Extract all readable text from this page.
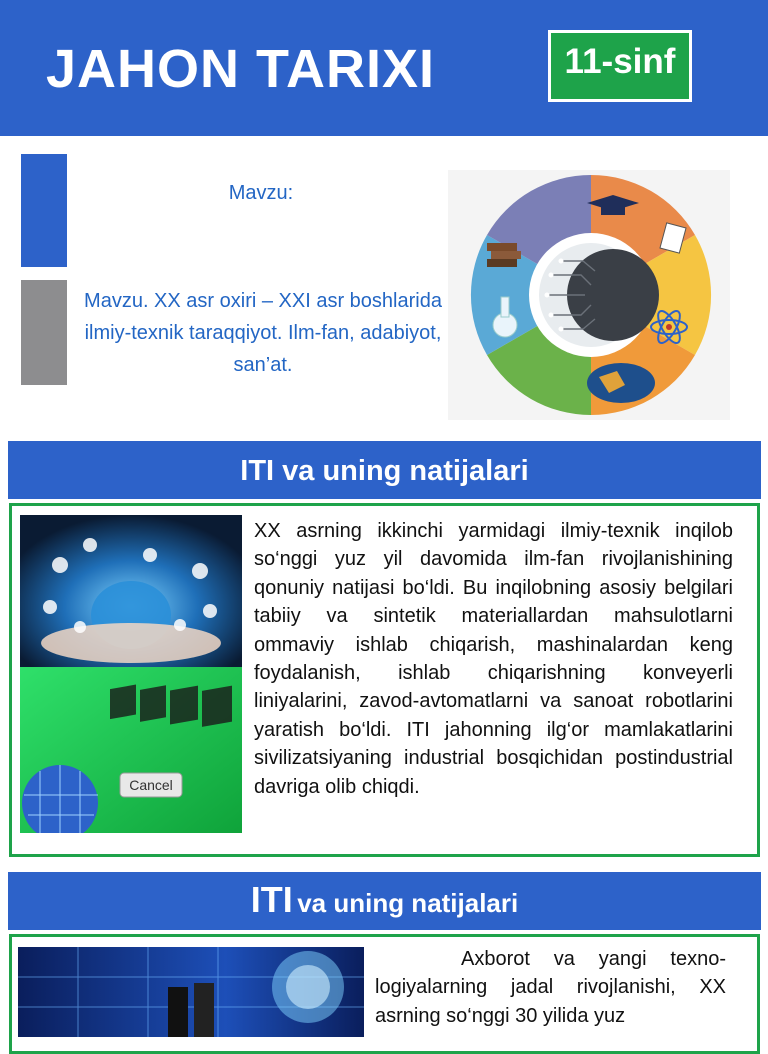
JAHON TARIXI	11-sinf
Mavzu:
Mavzu. XX asr oxiri – XXI asr boshlarida ilmiy-texnik taraqqiyot. Ilm-fan, adabiyot, san’at.
ITI va uning natijalari
Cancel
XX asrning ikkinchi yarmidagi ilmiy-texnik inqilob so‘nggi yuz yil davomida ilm-fan rivojlanishining qonuniy natijasi bo‘ldi. Bu inqilobning asosiy belgilari tabiiy va sintetik materiallardan mahsulotlarni ommaviy ishlab chiqarish, mashinalardan keng foydalanish, ishlab chiqarishning konveyerli liniyalarini, zavod-avtomatlarni va sanoat robotlarini yaratish bo‘ldi. ITI jahonning ilg‘or mamlakatlarini sivilizatsiyaning industrial bosqichidan postindustrial davriga olib chiqdi.
ITI va uning natijalari
Axborot va yangi texno-logiyalarning jadal rivojlanishi, XX asrning so‘nggi 30 yilida yuz
